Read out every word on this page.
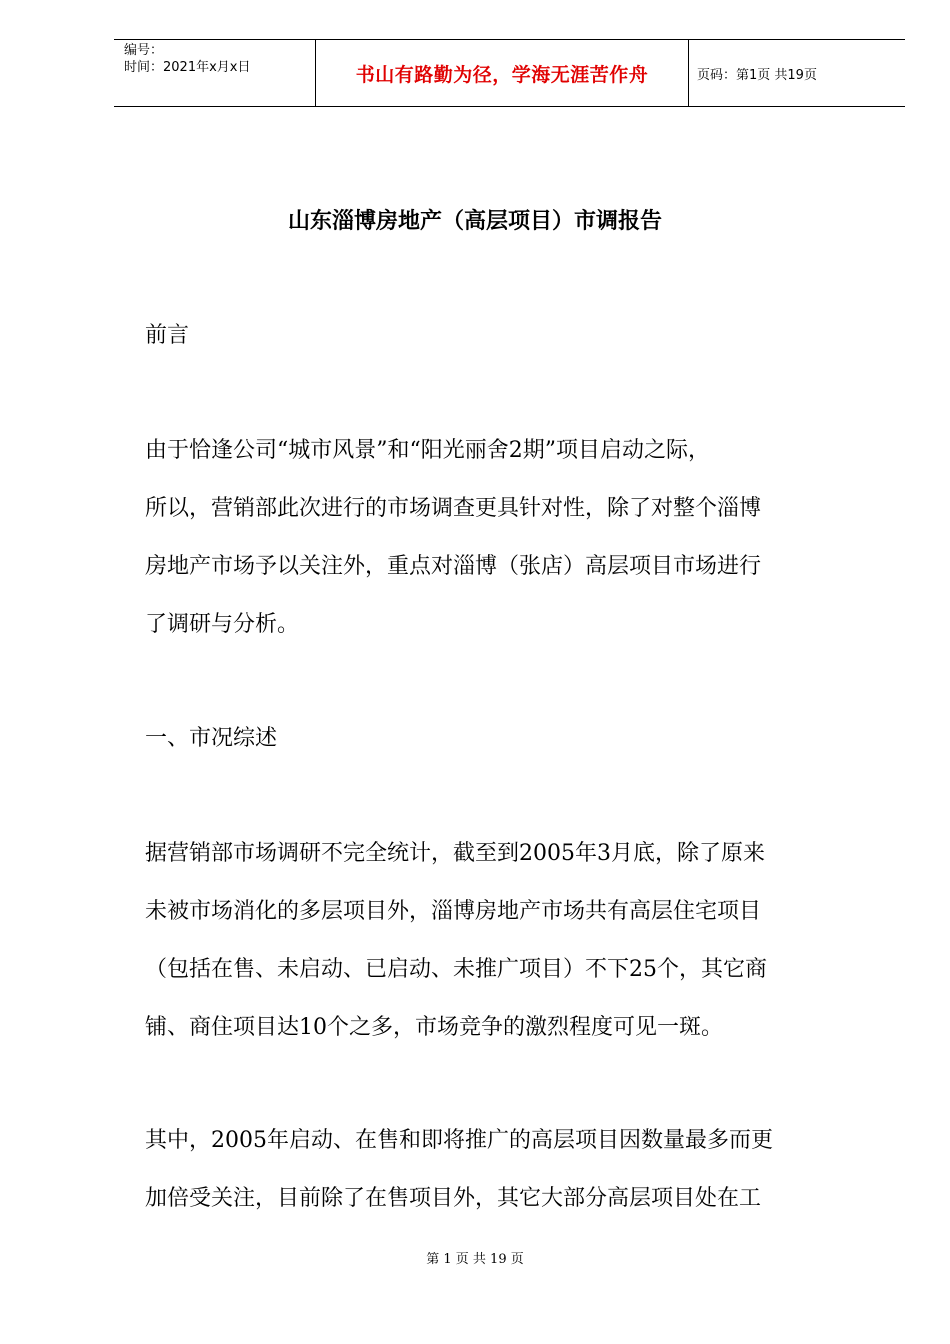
编号：
时间：2021年x月x日	书山有路勤为径，学海无涯苦作舟	页码：第1页 共19页
山东淄博房地产（高层项目）市调报告

前言

由于恰逢公司“城市风景”和“阳光丽舍2期”项目启动之际，
所以，营销部此次进行的市场调查更具针对性，除了对整个淄博
房地产市场予以关注外，重点对淄博（张店）高层项目市场进行
了调研与分析。

一、市况综述

据营销部市场调研不完全统计，截至到2005年3月底，除了原来
未被市场消化的多层项目外，淄博房地产市场共有高层住宅项目
（包括在售、未启动、已启动、未推广项目）不下25个，其它商
铺、商住项目达10个之多，市场竞争的激烈程度可见一斑。

其中，2005年启动、在售和即将推广的高层项目因数量最多而更
加倍受关注，目前除了在售项目外，其它大部分高层项目处在工

第 1 页 共 19 页
